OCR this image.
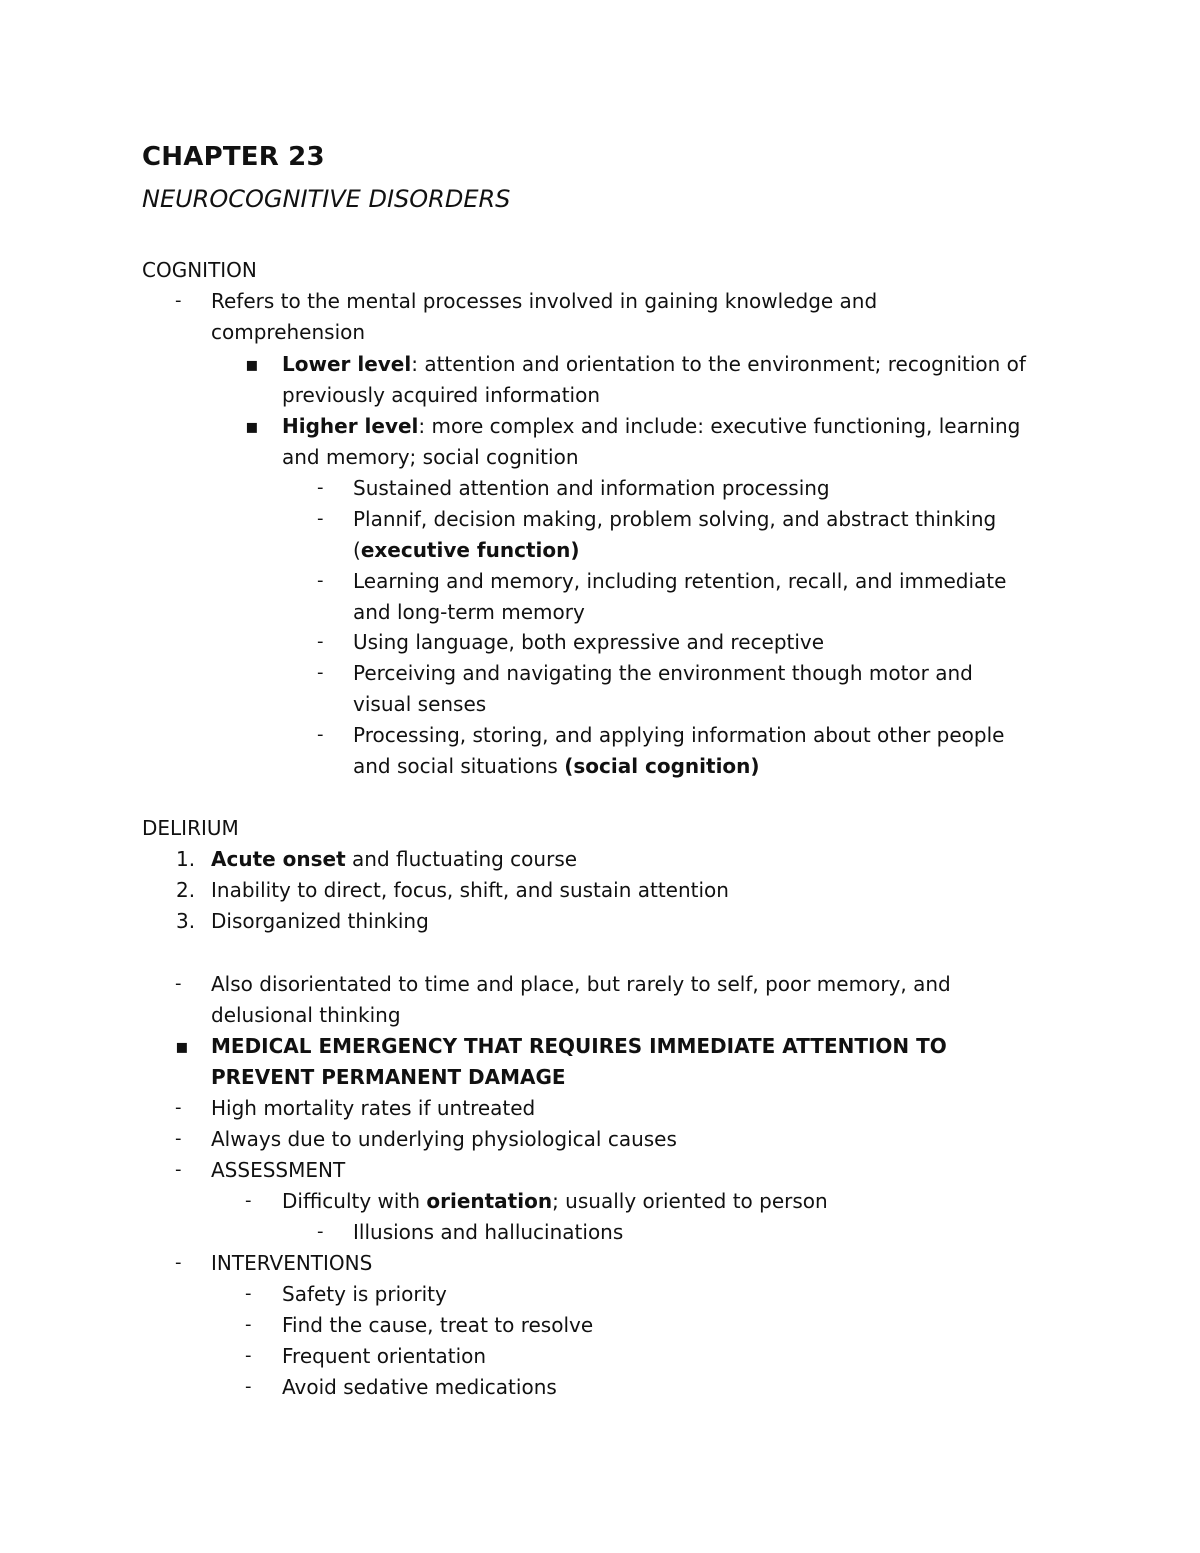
CHAPTER 23
NEUROCOGNITIVE DISORDERS
COGNITION
- Refers to the mental processes involved in gaining knowledge and
comprehension
▪ Lower level: attention and orientation to the environment; recognition of
previously acquired information
▪ Higher level: more complex and include: executive functioning, learning
and memory; social cognition
- Sustained attention and information processing
- Plannif, decision making, problem solving, and abstract thinking
(executive function)
- Learning and memory, including retention, recall, and immediate
and long-term memory
- Using language, both expressive and receptive
- Perceiving and navigating the environment though motor and
visual senses
- Processing, storing, and applying information about other people
and social situations (social cognition)
DELIRIUM
1. Acute onset and fluctuating course
2. Inability to direct, focus, shift, and sustain attention
3. Disorganized thinking
- Also disorientated to time and place, but rarely to self, poor memory, and
delusional thinking
▪ MEDICAL EMERGENCY THAT REQUIRES IMMEDIATE ATTENTION TO
PREVENT PERMANENT DAMAGE
- High mortality rates if untreated
- Always due to underlying physiological causes
- ASSESSMENT
- Difficulty with orientation; usually oriented to person
- Illusions and hallucinations
- INTERVENTIONS
- Safety is priority
- Find the cause, treat to resolve
- Frequent orientation
- Avoid sedative medications
